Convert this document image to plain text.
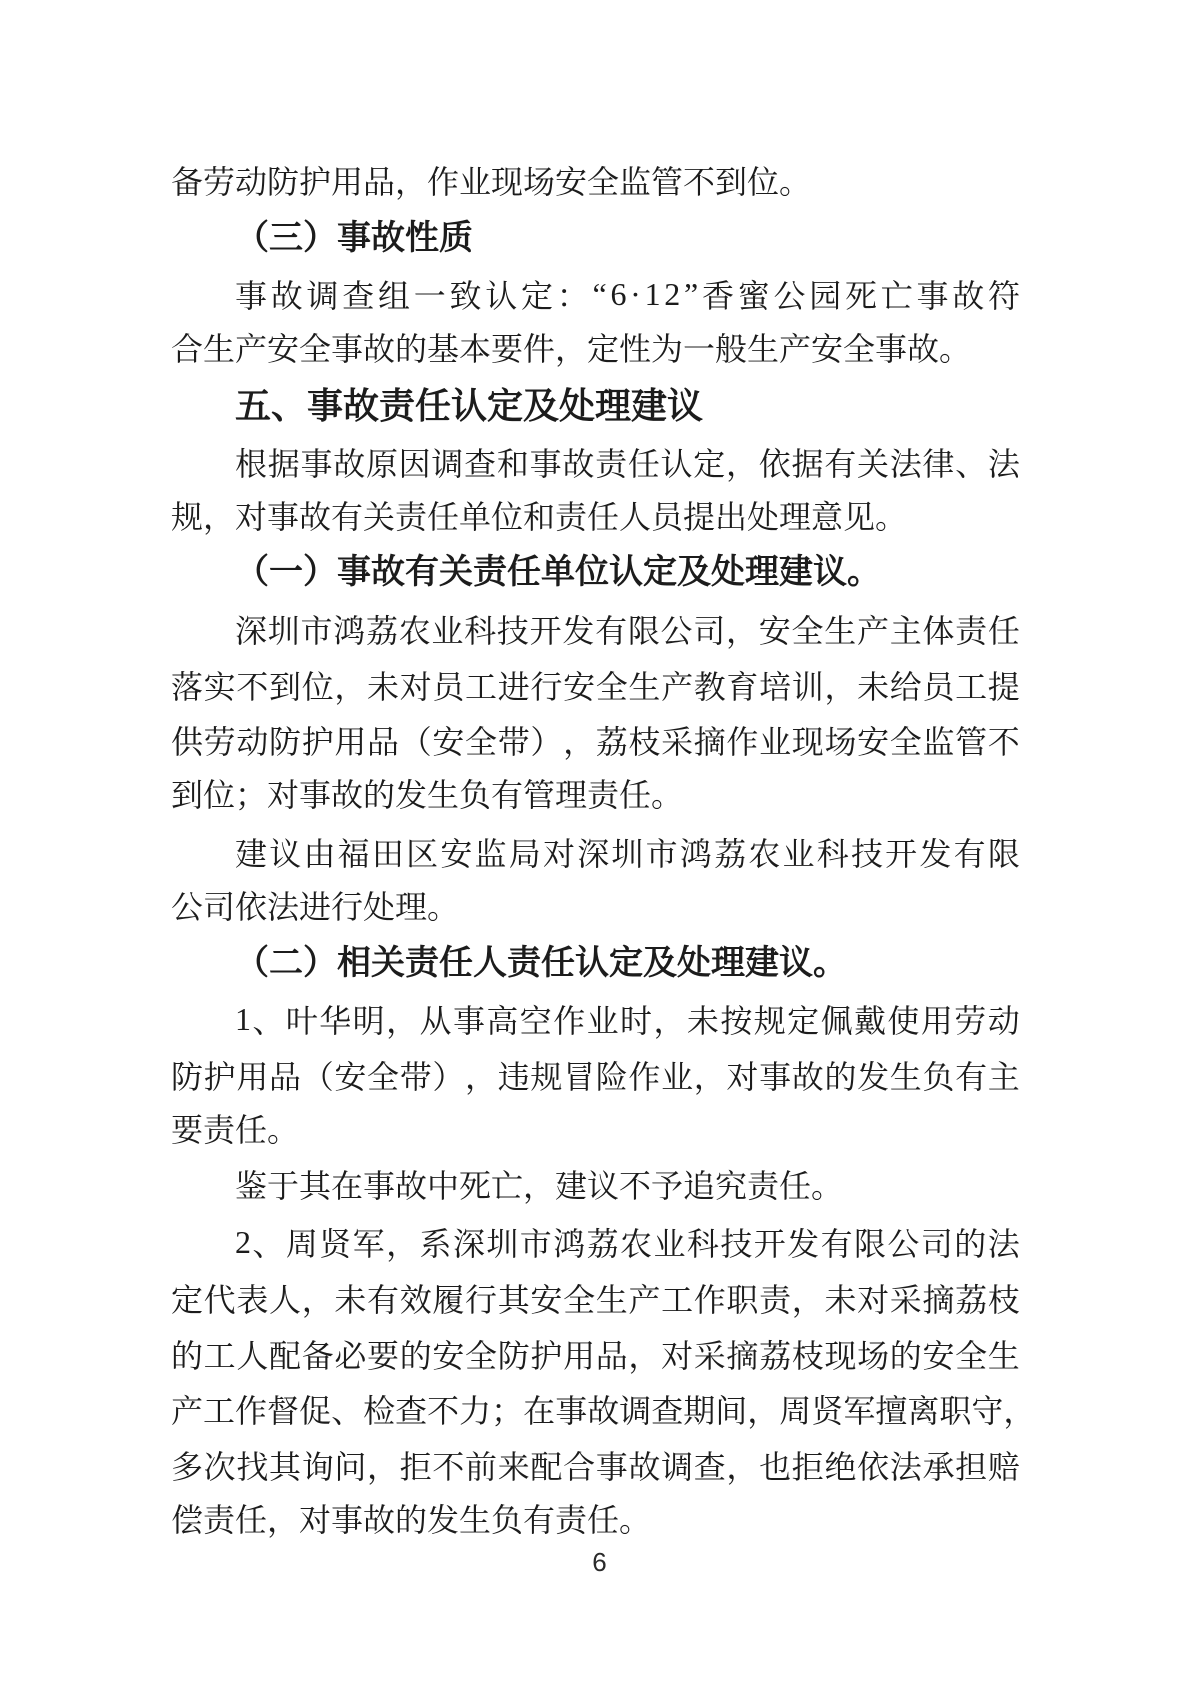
备劳动防护用品，作业现场安全监管不到位。
（三）事故性质
事 故 调 查 组 一 致 认 定 ： “ 6 · 1 2 ” 香 蜜 公 园 死 亡 事 故 符
合生产安全事故的基本要件，定性为一般生产安全事故。
五、事故责任认定及处理建议
根 据 事 故 原 因 调 查 和 事 故 责 任 认 定 ， 依 据 有 关 法 律 、 法
规，对事故有关责任单位和责任人员提出处理意见。
（一）事故有关责任单位认定及处理建议。
深 圳 市 鸿 荔 农 业 科 技 开 发 有 限 公 司 ， 安 全 生 产 主 体 责 任
落 实 不 到 位 ， 未 对 员 工 进 行 安 全 生 产 教 育 培 训 ， 未 给 员 工 提
供 劳 动 防 护 用 品 （ 安 全 带 ） ， 荔 枝 采 摘 作 业 现 场 安 全 监 管 不
到位；对事故的发生负有管理责任。
建 议 由 福 田 区 安 监 局 对 深 圳 市 鸿 荔 农 业 科 技 开 发 有 限
公司依法进行处理。
（二）相关责任人责任认定及处理建议。
1 、 叶 华 明 ， 从 事 高 空 作 业 时 ， 未 按 规 定 佩 戴 使 用 劳 动
防 护 用 品 （ 安 全 带 ） ， 违 规 冒 险 作 业 ， 对 事 故 的 发 生 负 有 主
要责任。
鉴于其在事故中死亡，建议不予追究责任。
2 、 周 贤 军 ， 系 深 圳 市 鸿 荔 农 业 科 技 开 发 有 限 公 司 的 法
定 代 表 人 ， 未 有 效 履 行 其 安 全 生 产 工 作 职 责 ， 未 对 采 摘 荔 枝
的 工 人 配 备 必 要 的 安 全 防 护 用 品 ， 对 采 摘 荔 枝 现 场 的 安 全 生
产 工 作 督 促 、 检 查 不 力 ； 在 事 故 调 查 期 间 ， 周 贤 军 擅 离 职 守 ，
多 次 找 其 询 问 ， 拒 不 前 来 配 合 事 故 调 查 ， 也 拒 绝 依 法 承 担 赔
偿责任，对事故的发生负有责任。
6
